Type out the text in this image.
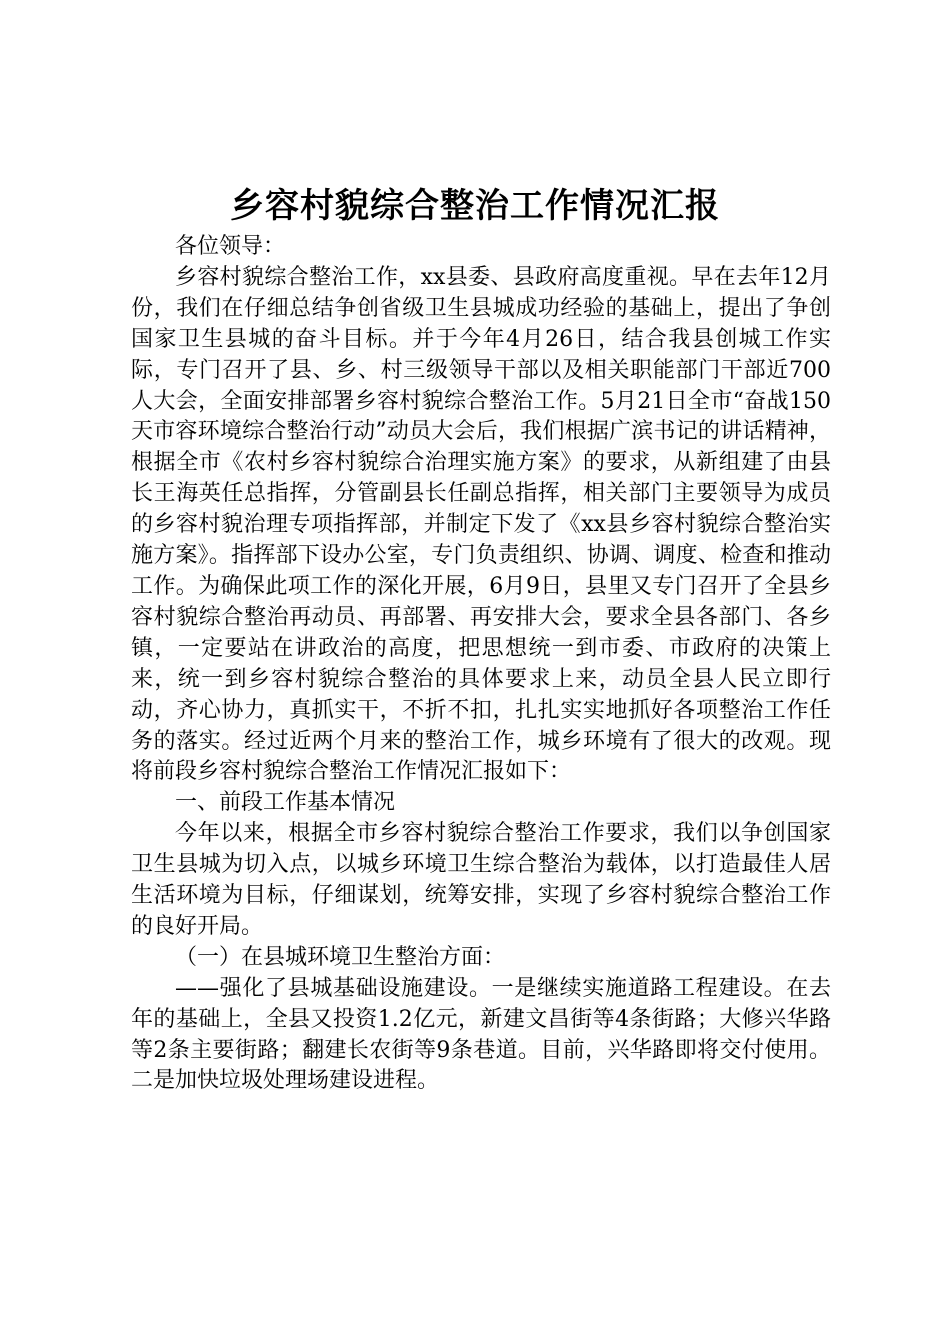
乡容村貌综合整治工作情况汇报

各位领导：

乡容村貌综合整治工作，xx县委、县政府高度重视。早在去年12月份，我们在仔细总结争创省级卫生县城成功经验的基础上，提出了争创国家卫生县城的奋斗目标。并于今年4月26日，结合我县创城工作实际，专门召开了县、乡、村三级领导干部以及相关职能部门干部近700人大会，全面安排部署乡容村貌综合整治工作。5月21日全市“奋战150天市容环境综合整治行动”动员大会后，我们根据广滨书记的讲话精神，根据全市《农村乡容村貌综合治理实施方案》的要求，从新组建了由县长王海英任总指挥，分管副县长任副总指挥，相关部门主要领导为成员的乡容村貌治理专项指挥部，并制定下发了《xx县乡容村貌综合整治实施方案》。指挥部下设办公室，专门负责组织、协调、调度、检查和推动工作。为确保此项工作的深化开展，6月9日，县里又专门召开了全县乡容村貌综合整治再动员、再部署、再安排大会，要求全县各部门、各乡镇，一定要站在讲政治的高度，把思想统一到市委、市政府的决策上来，统一到乡容村貌综合整治的具体要求上来，动员全县人民立即行动，齐心协力，真抓实干，不折不扣，扎扎实实地抓好各项整治工作任务的落实。经过近两个月来的整治工作，城乡环境有了很大的改观。现将前段乡容村貌综合整治工作情况汇报如下：

一、前段工作基本情况

今年以来，根据全市乡容村貌综合整治工作要求，我们以争创国家卫生县城为切入点，以城乡环境卫生综合整治为载体，以打造最佳人居生活环境为目标，仔细谋划，统筹安排，实现了乡容村貌综合整治工作的良好开局。

（一）在县城环境卫生整治方面：

——强化了县城基础设施建设。一是继续实施道路工程建设。在去年的基础上，全县又投资1.2亿元，新建文昌街等4条街路；大修兴华路等2条主要街路；翻建长农街等9条巷道。目前，兴华路即将交付使用。二是加快垃圾处理场建设进程。
